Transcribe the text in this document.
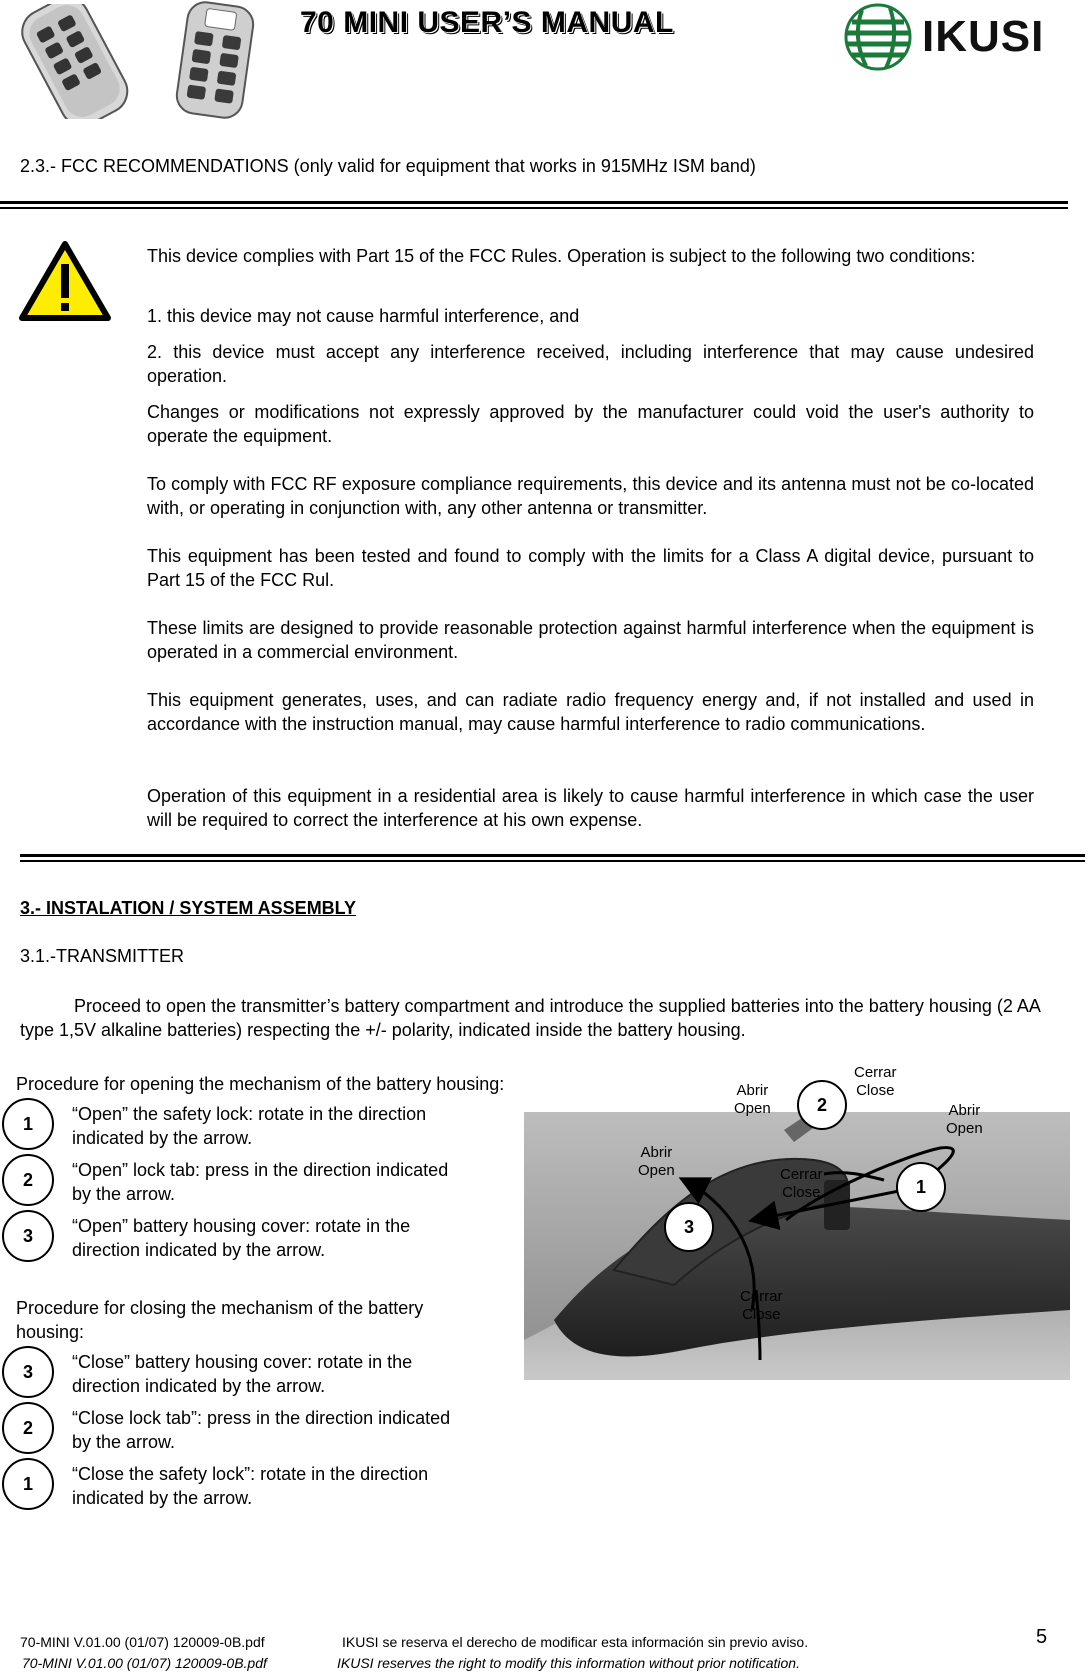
70 MINI USER’S MANUAL	IKUSI
2.3.- FCC RECOMMENDATIONS (only valid for equipment that works in 915MHz ISM band)

This device complies with Part 15 of the FCC Rules. Operation is subject to the following two conditions:

1. this device may not cause harmful interference, and

2. this device must accept any interference received, including interference that may cause undesired operation.

Changes or modifications not expressly approved by the manufacturer could void the user's authority to operate the equipment.

To comply with FCC RF exposure compliance requirements, this device and its antenna must not be co-located with, or operating in conjunction with, any other antenna or transmitter.

This equipment has been tested and found to comply with the limits for a Class A digital device, pursuant to Part 15 of the FCC Rul.

These limits are designed to provide reasonable protection against harmful interference when the equipment is operated in a commercial environment.

This equipment generates, uses, and can radiate radio frequency energy and, if not installed and used in accordance with the instruction manual, may cause harmful interference to radio communications.

Operation of this equipment in a residential area is likely to cause harmful interference in which case the user will be required to correct the interference at his own expense.

3.- INSTALATION / SYSTEM ASSEMBLY
3.1.-TRANSMITTER
Proceed to open the transmitter’s battery compartment and introduce the supplied batteries into the battery housing (2 AA type 1,5V alkaline batteries) respecting the +/- polarity, indicated inside the battery housing.
Procedure for opening the mechanism of the battery housing:
1	“Open” the safety lock: rotate in the direction indicated by the arrow.
2	“Open” lock tab: press in the direction indicated by the arrow.
3	“Open” battery housing cover: rotate in the direction indicated by the arrow.
Procedure for closing the mechanism of the battery housing:
3	“Close” battery housing cover: rotate in the direction indicated by the arrow.
2	“Close lock tab”: press in the direction indicated by the arrow.
1	“Close the safety lock”: rotate in the direction indicated by the arrow.
Cerrar
Close
Abrir
Open	Abrir
Open
Abrir
Open	Cerrar
Close
Cerrar
Close
2
1
3
70-MINI V.01.00 (01/07) 120009-0B.pdf	IKUSI se reserva el derecho de modificar esta información sin previo aviso.
70-MINI V.01.00 (01/07) 120009-0B.pdf	IKUSI reserves the right to modify this information without prior notification.
5
